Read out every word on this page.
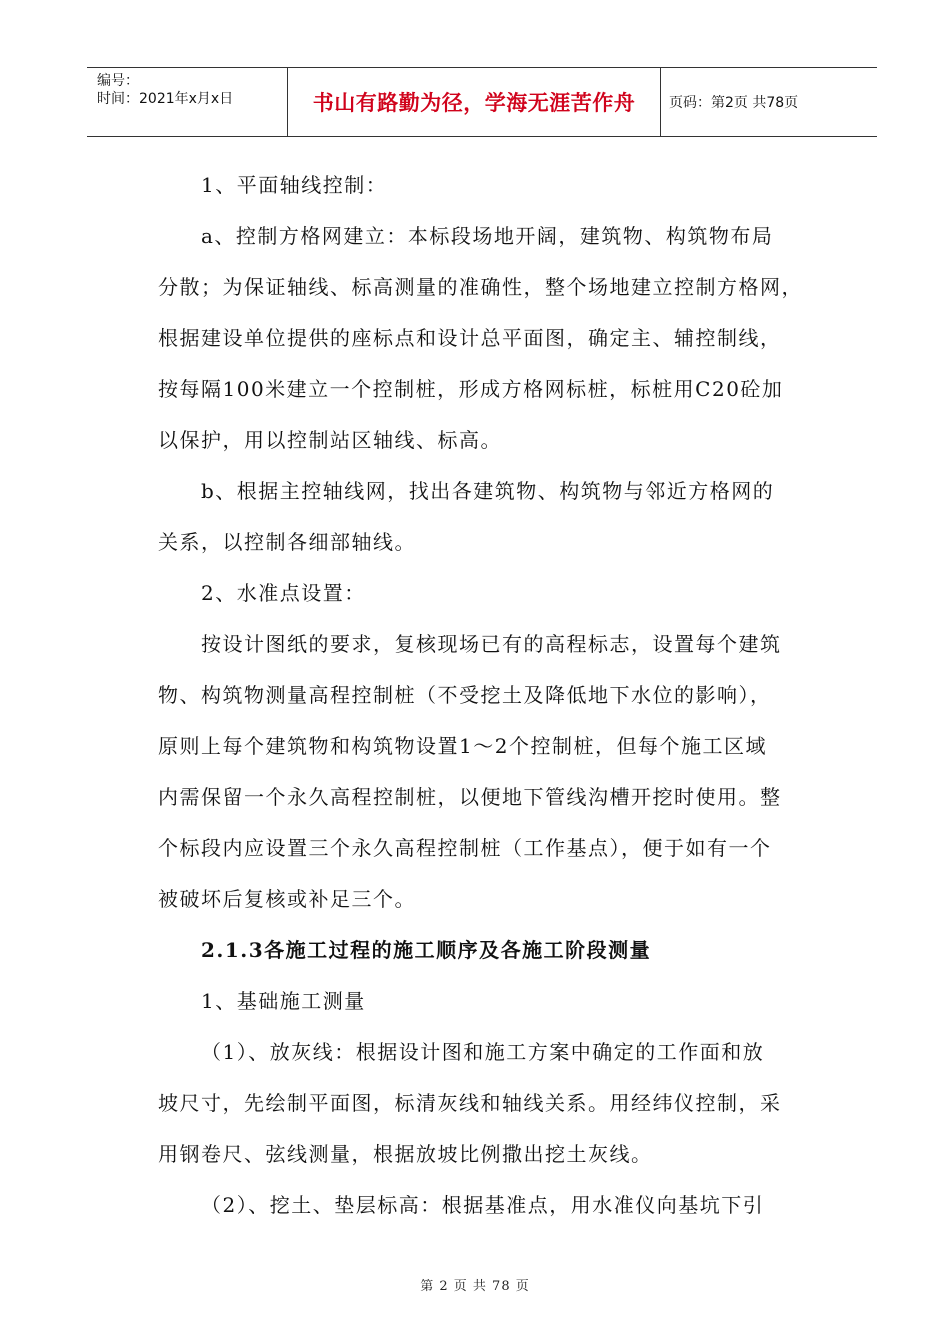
编号：
时间：2021年x月x日	书山有路勤为径，学海无涯苦作舟	页码：第2页 共78页

1、平面轴线控制：

a、控制方格网建立：本标段场地开阔，建筑物、构筑物布局

分散；为保证轴线、标高测量的准确性，整个场地建立控制方格网，

根据建设单位提供的座标点和设计总平面图，确定主、辅控制线，

按每隔100米建立一个控制桩，形成方格网标桩，标桩用C20砼加

以保护，用以控制站区轴线、标高。

b、根据主控轴线网，找出各建筑物、构筑物与邻近方格网的

关系，以控制各细部轴线。

2、水准点设置：

按设计图纸的要求，复核现场已有的高程标志，设置每个建筑

物、构筑物测量高程控制桩（不受挖土及降低地下水位的影响），

原则上每个建筑物和构筑物设置1～2个控制桩，但每个施工区域

内需保留一个永久高程控制桩，以便地下管线沟槽开挖时使用。整

个标段内应设置三个永久高程控制桩（工作基点），便于如有一个

被破坏后复核或补足三个。

2.1.3各施工过程的施工顺序及各施工阶段测量

1、基础施工测量

（1）、放灰线：根据设计图和施工方案中确定的工作面和放

坡尺寸，先绘制平面图，标清灰线和轴线关系。用经纬仪控制，采

用钢卷尺、弦线测量，根据放坡比例撒出挖土灰线。

（2）、挖土、垫层标高：根据基准点，用水准仪向基坑下引

第 2 页 共 78 页
